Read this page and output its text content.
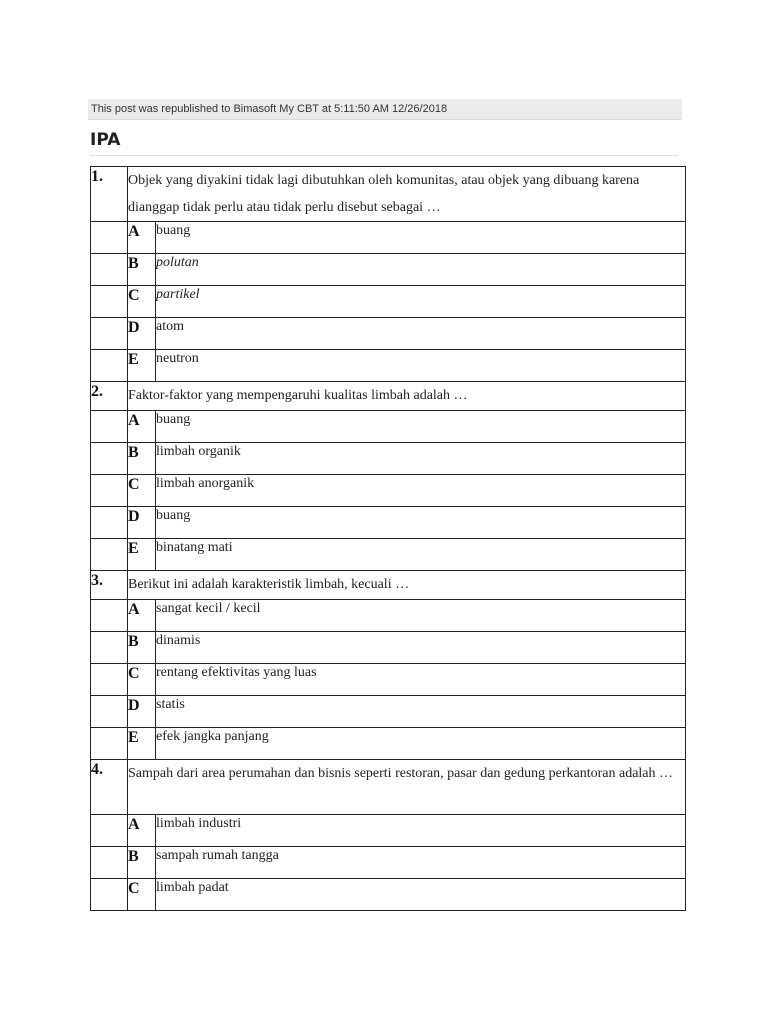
This post was republished to Bimasoft My CBT at 5:11:50 AM 12/26/2018
IPA
1.	Objek yang diyakini tidak lagi dibutuhkan oleh komunitas, atau objek yang dibuang karena dianggap tidak perlu atau tidak perlu disebut sebagai …	
	A	buang
	B	polutan
	C	partikel
	D	atom
	E	neutron
2.	Faktor-faktor yang mempengaruhi kualitas limbah adalah …	
	A	buang
	B	limbah organik
	C	limbah anorganik
	D	buang
	E	binatang mati
3.	Berikut ini adalah karakteristik limbah, kecuali …	
	A	sangat kecil / kecil
	B	dinamis
	C	rentang efektivitas yang luas
	D	statis
	E	efek jangka panjang
4.	Sampah dari area perumahan dan bisnis seperti restoran, pasar dan gedung perkantoran adalah …	
	A	limbah industri
	B	sampah rumah tangga
	C	limbah padat
